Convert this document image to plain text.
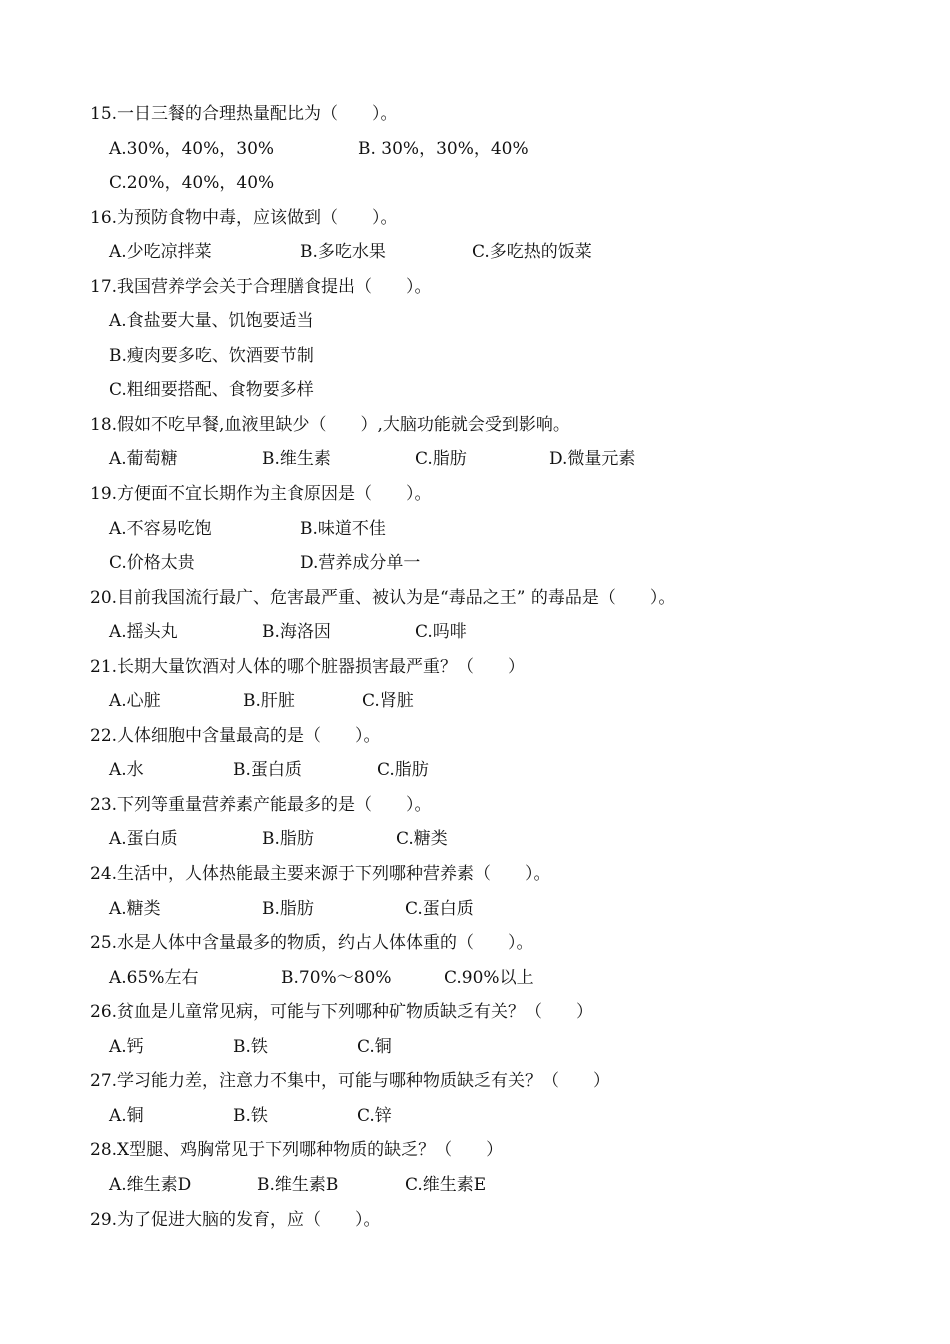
15.一日三餐的合理热量配比为（　　）。
A.30%，40%，30%	B. 30%，30%，40%
C.20%，40%，40%
16.为预防食物中毒，应该做到（　　）。
A.少吃凉拌菜	B.多吃水果	C.多吃热的饭菜
17.我国营养学会关于合理膳食提出（　　）。
A.食盐要大量、饥饱要适当
B.瘦肉要多吃、饮酒要节制
C.粗细要搭配、食物要多样
18.假如不吃早餐,血液里缺少（　　）,大脑功能就会受到影响。
A.葡萄糖	B.维生素	C.脂肪	D.微量元素
19.方便面不宜长期作为主食原因是（　　）。
A.不容易吃饱	B.味道不佳
C.价格太贵	D.营养成分单一
20.目前我国流行最广、危害最严重、被认为是“毒品之王” 的毒品是（　　）。
A.摇头丸	B.海洛因	C.吗啡
21.长期大量饮酒对人体的哪个脏器损害最严重？（　　）
A.心脏	B.肝脏	C.肾脏
22.人体细胞中含量最高的是（　　）。
A.水	B.蛋白质	C.脂肪
23.下列等重量营养素产能最多的是（　　）。
A.蛋白质	B.脂肪	C.糖类
24.生活中，人体热能最主要来源于下列哪种营养素（　　）。
A.糖类	B.脂肪	C.蛋白质
25.水是人体中含量最多的物质，约占人体体重的（　　）。
A.65%左右	B.70%～80%	C.90%以上
26.贫血是儿童常见病，可能与下列哪种矿物质缺乏有关？（　　）
A.钙	B.铁	C.铜
27.学习能力差，注意力不集中，可能与哪种物质缺乏有关？（　　）
A.铜	B.铁	C.锌
28.X型腿、鸡胸常见于下列哪种物质的缺乏？（　　）
A.维生素D	B.维生素B	C.维生素E
29.为了促进大脑的发育，应（　　）。
